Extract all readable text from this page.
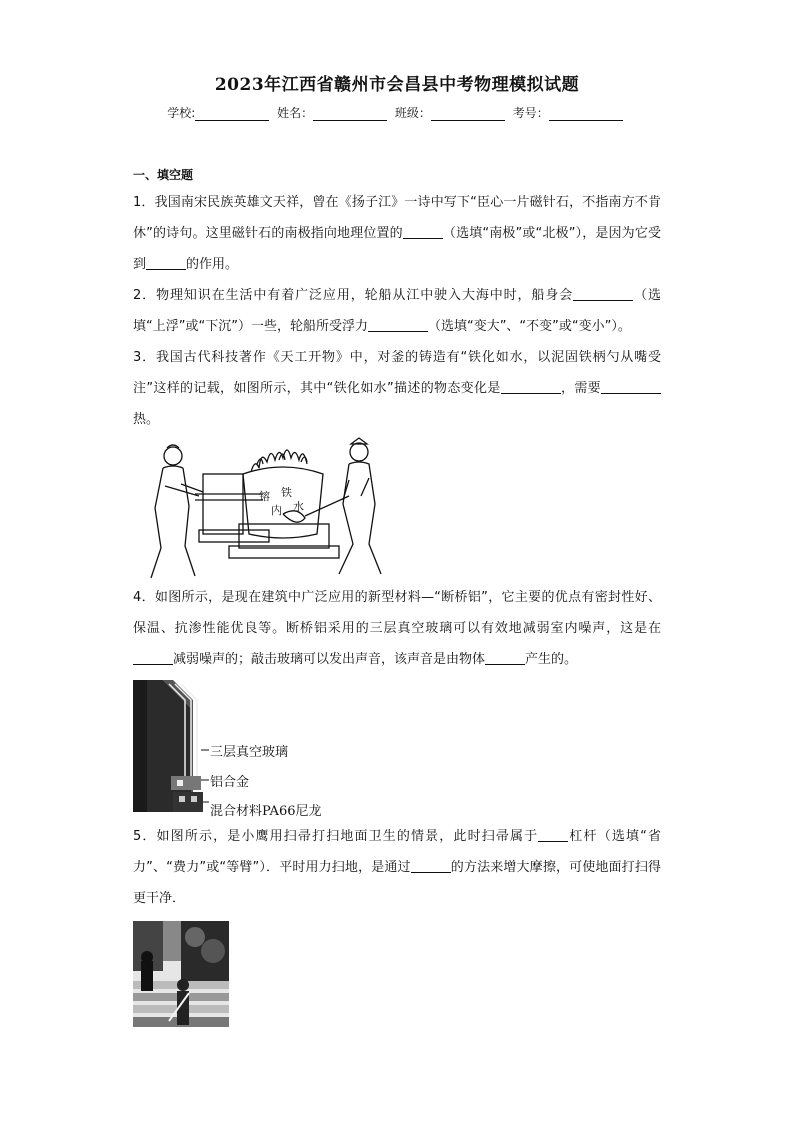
2023年江西省赣州市会昌县中考物理模拟试题
学校:	姓名：	班级：	考号：
一、填空题
1．我国南宋民族英雄文天祥，曾在《扬子江》一诗中写下“臣心一片磁针石，不指南方不肯休”的诗句。这里磁针石的南极指向地理位置的	（选填“南极”或“北极”），是因为它受到	的作用。
2．物理知识在生活中有着广泛应用，轮船从江中驶入大海中时，船身会	（选填“上浮”或“下沉”）一些，轮船所受浮力	（选填“变大”、“不变”或“变小”）。
3．我国古代科技著作《天工开物》中，对釜的铸造有“铁化如水，以泥固铁柄勺从嘴受注”这样的记载，如图所示，其中“铁化如水”描述的物态变化是	，需要热。
铁
水
镕
内
4．如图所示，是现在建筑中广泛应用的新型材料—“断桥铝”，它主要的优点有密封性好、保温、抗渗性能优良等。断桥铝采用的三层真空玻璃可以有效地减弱室内噪声，这是在减弱噪声的；敲击玻璃可以发出声音，该声音是由物体	产生的。
三层真空玻璃
铝合金
混合材料PA66尼龙
5．如图所示，是小鹰用扫帚打扫地面卫生的情景，此时扫帚属于 杠杆（选填“省力”、“费力”或“等臂”）．平时用力扫地，是通过	的方法来增大摩擦，可使地面打扫得更干净．
